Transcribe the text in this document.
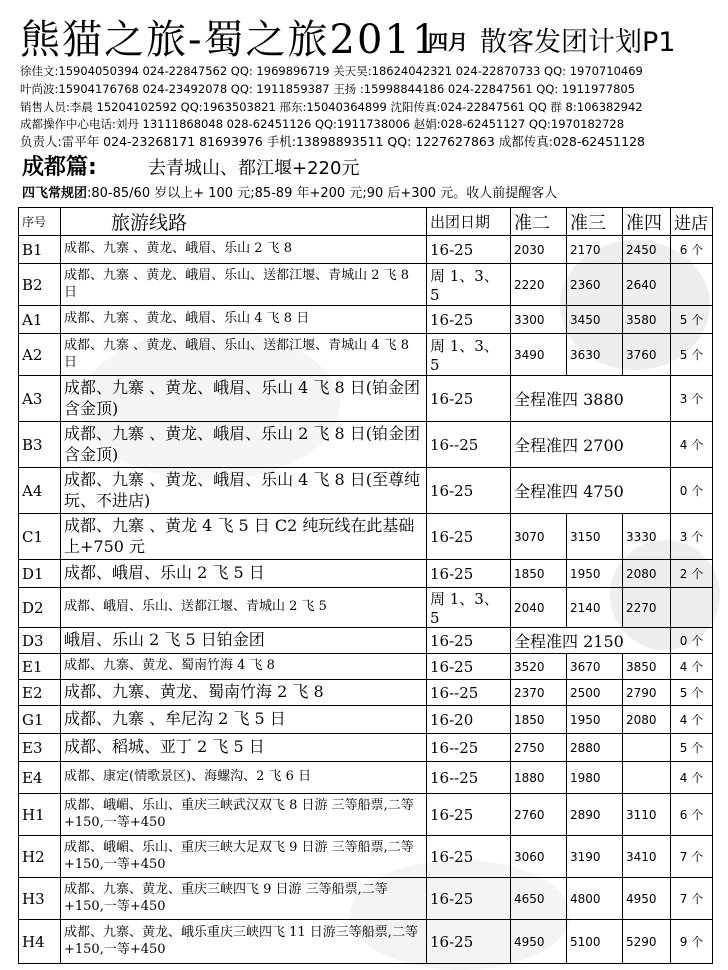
熊猫之旅-蜀之旅2011
四月 散客发团计划P1
徐佳文:15904050394 024-22847562 QQ: 1969896719 关天昊:18624042321 024-22870733 QQ: 1970710469
叶尚波:15904176768 024-23492078 QQ: 1911859387 王扬 :15998844186 024-22847561 QQ: 1911977805
销售人员:李晨 15204102592 QQ:1963503821 邢东:15040364899 沈阳传真:024-22847561 QQ 群 8:106382942
成都操作中心电话:刘丹 13111868048 028-62451126 QQ:1911738006 赵娟:028-62451127 QQ:1970182728
负责人:雷平年 024-23268171 81693976 手机:13898893511 QQ: 1227627863 成都传真:028-62451128
成都篇:	去青城山、都江堰+220元
四飞常规团:80-85/60 岁以上+ 100 元;85-89 年+200 元;90 后+300 元。收人前提醒客人
序号	旅游线路	出团日期	准二	准三	准四	进店
B1	成都、九寨 、黄龙、峨眉、乐山 2 飞 8	16-25	2030	2170	2450	6 个
B2	成都、九寨 、黄龙、峨眉、乐山、送都江堰、青城山 2 飞 8 日	周 1、3、5	2220	2360	2640	
A1	成都、九寨 、黄龙、峨眉、乐山 4 飞 8 日	16-25	3300	3450	3580	5 个
A2	成都、九寨 、黄龙、峨眉、乐山、送都江堰、青城山 4 飞 8 日	周 1、3、5	3490	3630	3760	5 个
A3	成都、九寨 、黄龙、峨眉、乐山 4 飞 8 日(铂金团含金顶)	16-25	全程准四 3880			3 个
B3	成都、九寨 、黄龙、峨眉、乐山 2 飞 8 日(铂金团含金顶)	16--25	全程准四 2700			4 个
A4	成都、九寨 、黄龙、峨眉、乐山 4 飞 8 日(至尊纯玩、不进店)	16-25	全程准四 4750			0 个
C1	成都、九寨 、黄龙 4 飞 5 日 C2 纯玩线在此基础上+750 元	16-25	3070	3150	3330	3 个
D1	成都、峨眉、乐山 2 飞 5 日	16-25	1850	1950	2080	2 个
D2	成都、峨眉、乐山、送都江堰、青城山 2 飞 5	周 1、3、5	2040	2140	2270	
D3	峨眉、乐山 2 飞 5 日铂金团	16-25	全程准四 2150			0 个
E1	成都、九寨、黄龙、蜀南竹海 4 飞 8	16-25	3520	3670	3850	4 个
E2	成都、九寨、黄龙、蜀南竹海 2 飞 8	16--25	2370	2500	2790	5 个
G1	成都、九寨 、牟尼沟 2 飞 5 日	16-20	1850	1950	2080	4 个
E3	成都、稻城、亚丁 2 飞 5 日	16--25	2750	2880		5 个
E4	成都、康定(情歌景区)、海螺沟、2 飞 6 日	16--25	1880	1980		4 个
H1	成都、峨嵋、乐山、重庆三峡武汉双飞 8 日游 三等船票,二等+150,一等+450	16-25	2760	2890	3110	6 个
H2	成都、峨嵋、乐山、重庆三峡大足双飞 9 日游 三等船票,二等+150,一等+450	16-25	3060	3190	3410	7 个
H3	成都、九寨、黄龙、重庆三峡四飞 9 日游 三等船票,二等+150,一等+450	16-25	4650	4800	4950	7 个
H4	成都、九寨、黄龙、峨乐重庆三峡四飞 11 日游三等船票,二等+150,一等+450	16-25	4950	5100	5290	9 个
